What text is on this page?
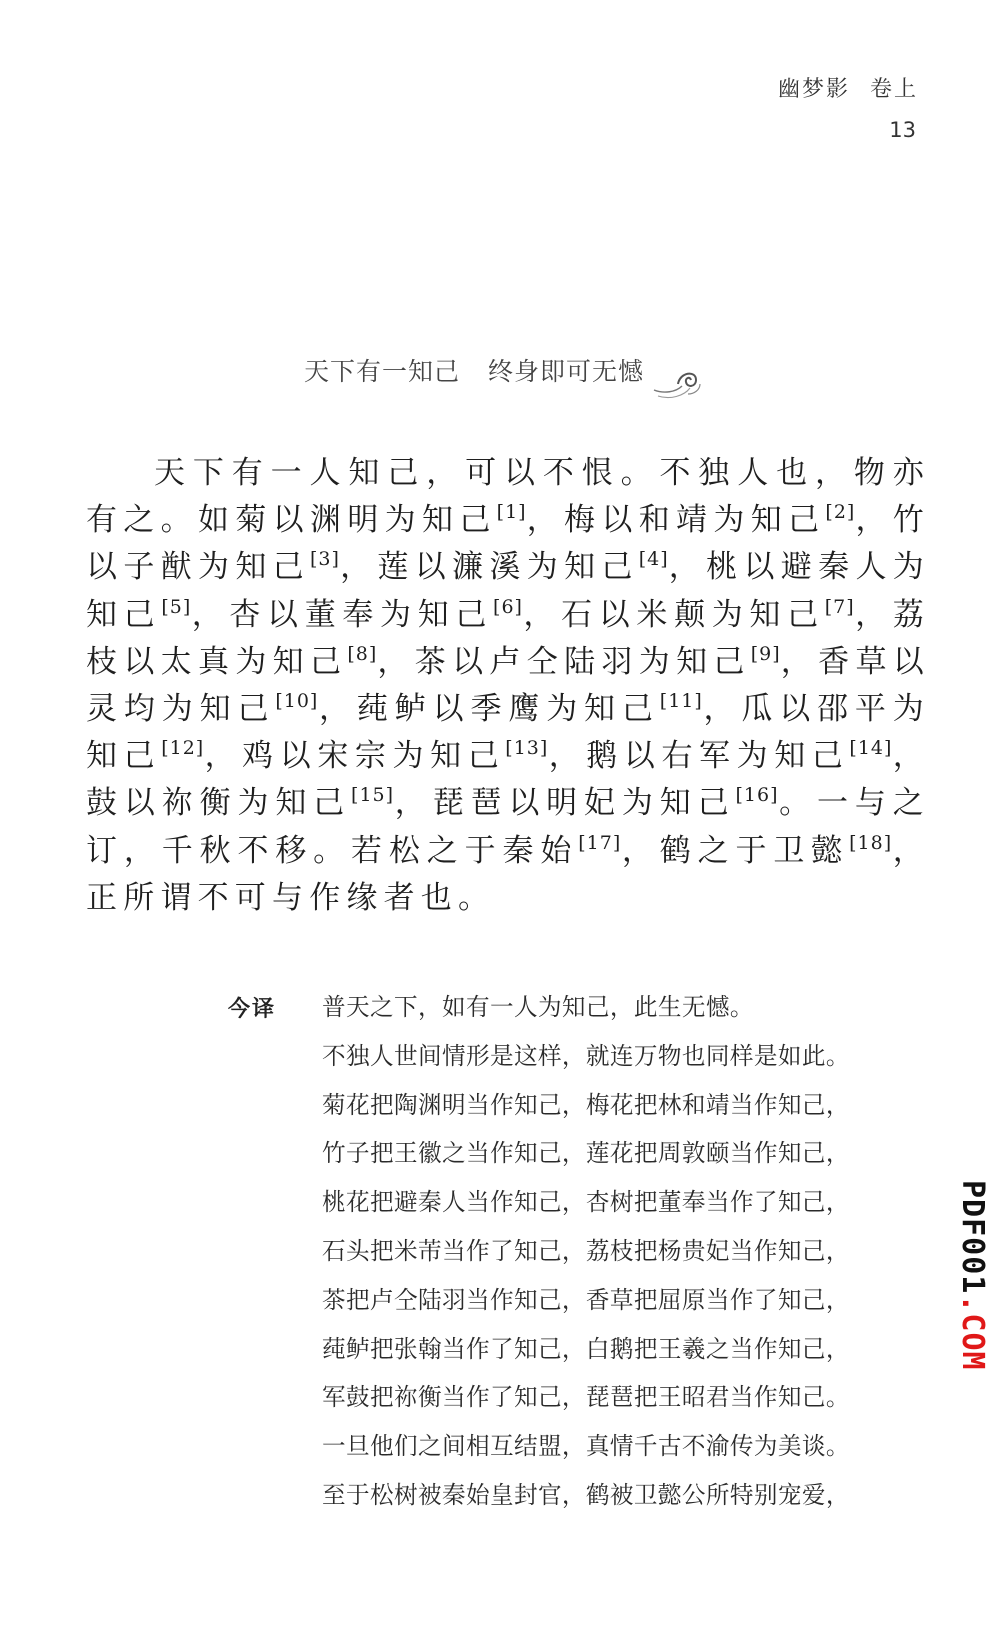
幽梦影 卷上
13
天下有一知己 终身即可无憾

天下有一人知己，可以不恨。不独人也，物亦有之。如菊以渊明为知己[1]，梅以和靖为知己[2]，竹以子猷为知己[3]，莲以濂溪为知己[4]，桃以避秦人为知己[5]，杏以董奉为知己[6]，石以米颠为知己[7]，荔枝以太真为知己[8]，茶以卢仝陆羽为知己[9]，香草以灵均为知己[10]，莼鲈以季鹰为知己[11]，瓜以邵平为知己[12]，鸡以宋宗为知己[13]，鹅以右军为知己[14]，鼓以祢衡为知己[15]，琵琶以明妃为知己[16]。一与之订，千秋不移。若松之于秦始[17]，鹤之于卫懿[18]，正所谓不可与作缘者也。

今译 普天之下，如有一人为知己，此生无憾。
不独人世间情形是这样，就连万物也同样是如此。
菊花把陶渊明当作知己，梅花把林和靖当作知己，
竹子把王徽之当作知己，莲花把周敦颐当作知己，
桃花把避秦人当作知己，杏树把董奉当作了知己，
石头把米芾当作了知己，荔枝把杨贵妃当作知己，
茶把卢仝陆羽当作知己，香草把屈原当作了知己，
莼鲈把张翰当作了知己，白鹅把王羲之当作知己，
军鼓把祢衡当作了知己，琵琶把王昭君当作知己。
一旦他们之间相互结盟，真情千古不渝传为美谈。
至于松树被秦始皇封官，鹤被卫懿公所特别宠爱，
PDF001.COM
